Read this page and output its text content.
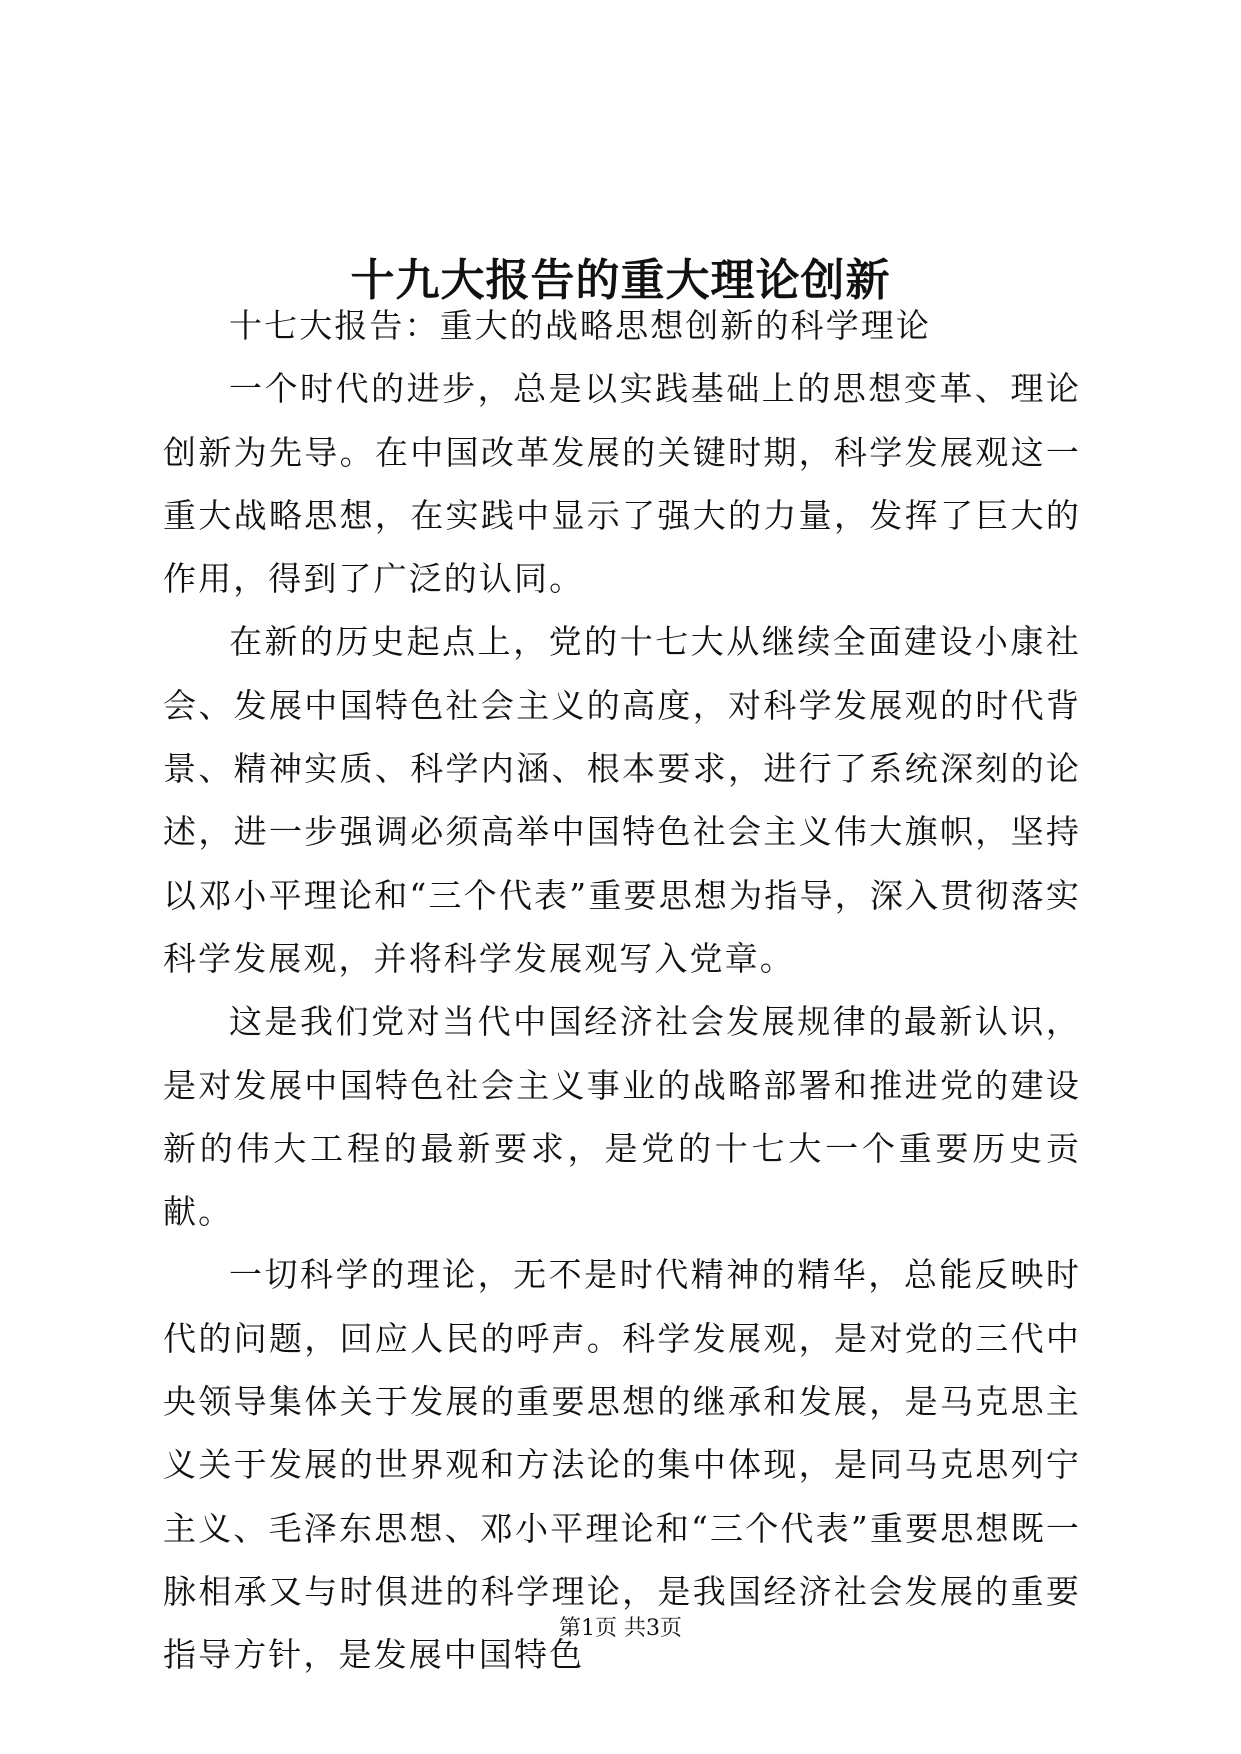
十九大报告的重大理论创新

十七大报告：重大的战略思想创新的科学理论

一个时代的进步，总是以实践基础上的思想变革、理论创新为先导。在中国改革发展的关键时期，科学发展观这一重大战略思想，在实践中显示了强大的力量，发挥了巨大的作用，得到了广泛的认同。

在新的历史起点上，党的十七大从继续全面建设小康社会、发展中国特色社会主义的高度，对科学发展观的时代背景、精神实质、科学内涵、根本要求，进行了系统深刻的论述，进一步强调必须高举中国特色社会主义伟大旗帜，坚持以邓小平理论和“三个代表”重要思想为指导，深入贯彻落实科学发展观，并将科学发展观写入党章。

这是我们党对当代中国经济社会发展规律的最新认识，是对发展中国特色社会主义事业的战略部署和推进党的建设新的伟大工程的最新要求，是党的十七大一个重要历史贡献。

一切科学的理论，无不是时代精神的精华，总能反映时代的问题，回应人民的呼声。科学发展观，是对党的三代中央领导集体关于发展的重要思想的继承和发展，是马克思主义关于发展的世界观和方法论的集中体现，是同马克思列宁主义、毛泽东思想、邓小平理论和“三个代表”重要思想既一脉相承又与时俱进的科学理论，是我国经济社会发展的重要指导方针，是发展中国特色

第1页 共3页
